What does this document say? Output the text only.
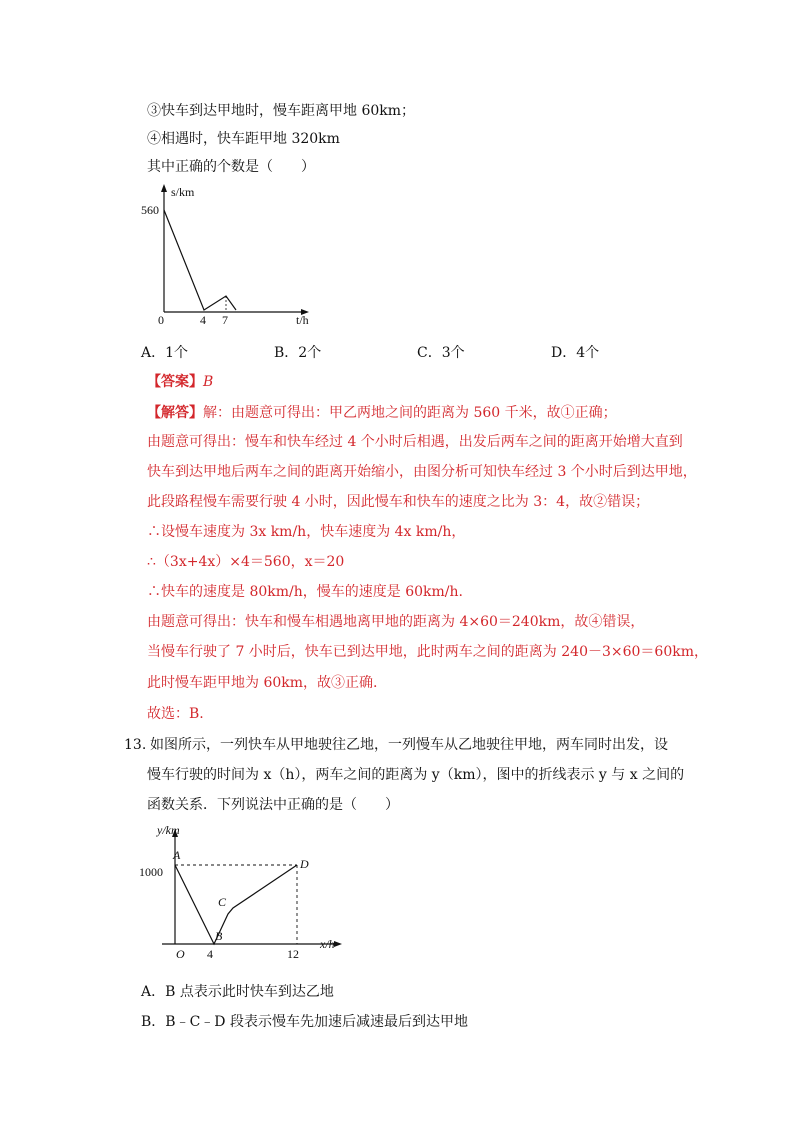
③快车到达甲地时，慢车距离甲地 60km；
④相遇时，快车距甲地 320km
其中正确的个数是（　　）
s/km
560
0	4 7	t/h
A．1个	B．2个	C．3个	D．4个
【答案】B
【解答】解：由题意可得出：甲乙两地之间的距离为 560 千米，故①正确；
由题意可得出：慢车和快车经过 4 个小时后相遇，出发后两车之间的距离开始增大直到
快车到达甲地后两车之间的距离开始缩小，由图分析可知快车经过 3 个小时后到达甲地，
此段路程慢车需要行驶 4 小时，因此慢车和快车的速度之比为 3：4，故②错误；
∴设慢车速度为 3x km/h，快车速度为 4x km/h，
∴（3x+4x）×4＝560，x＝20
∴快车的速度是 80km/h，慢车的速度是 60km/h.
由题意可得出：快车和慢车相遇地离甲地的距离为 4×60＝240km，故④错误，
当慢车行驶了 7 小时后，快车已到达甲地，此时两车之间的距离为 240－3×60＝60km，
此时慢车距甲地为 60km，故③正确.
故选：B.
13. 如图所示，一列快车从甲地驶往乙地，一列慢车从乙地驶往甲地，两车同时出发，设
慢车行驶的时间为 x（h），两车之间的距离为 y（km），图中的折线表示 y 与 x 之间的
函数关系．下列说法中正确的是（　　）
y/km
A
1000
D
C
B
O 4	12
x/h
A．B 点表示此时快车到达乙地
B．B﹣C﹣D 段表示慢车先加速后减速最后到达甲地
